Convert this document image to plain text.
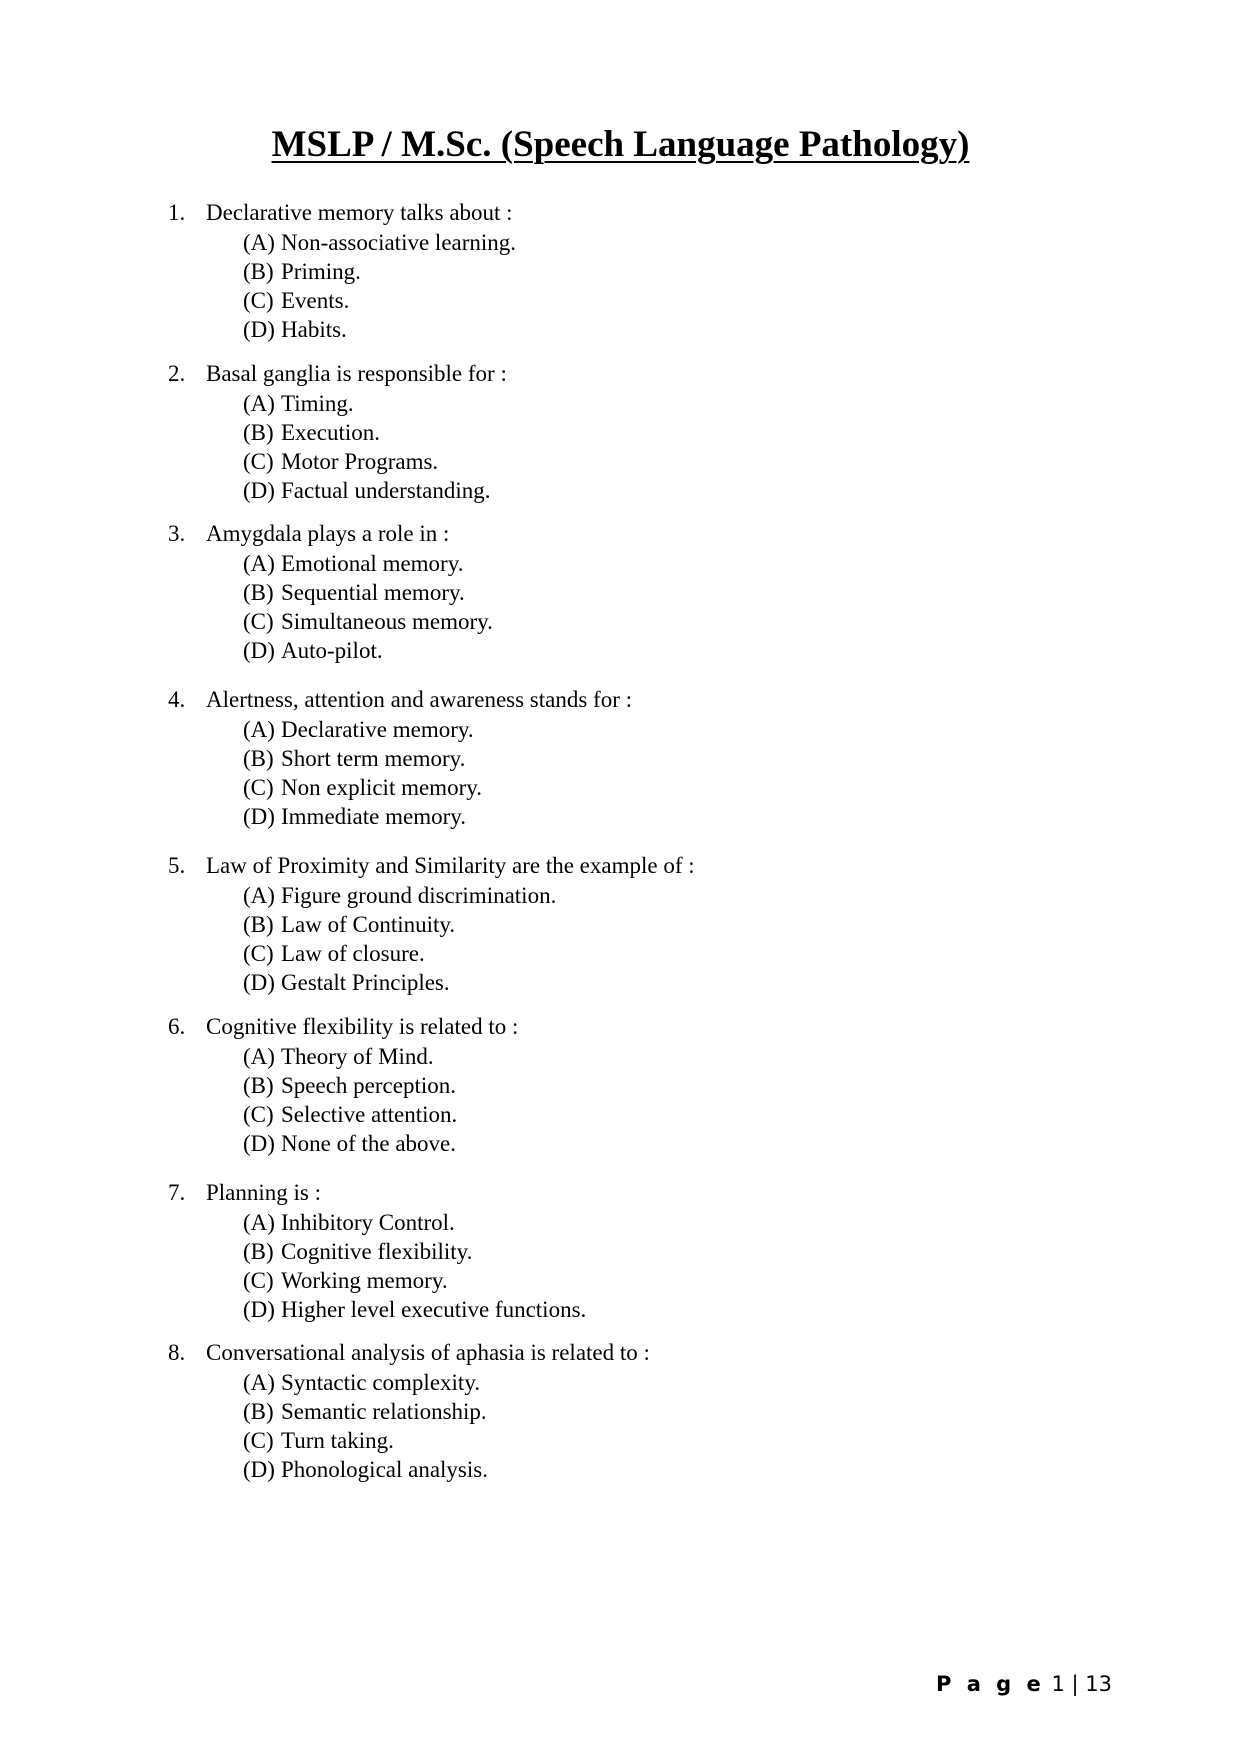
MSLP / M.Sc. (Speech Language Pathology)
1. Declarative memory talks about :
(A) Non-associative learning.
(B) Priming.
(C) Events.
(D) Habits.
2. Basal ganglia is responsible for :
(A) Timing.
(B) Execution.
(C) Motor Programs.
(D) Factual understanding.
3. Amygdala plays a role in :
(A) Emotional memory.
(B) Sequential memory.
(C) Simultaneous memory.
(D) Auto-pilot.
4. Alertness, attention and awareness stands for :
(A) Declarative memory.
(B) Short term memory.
(C) Non explicit memory.
(D) Immediate memory.
5. Law of Proximity and Similarity are the example of :
(A) Figure ground discrimination.
(B) Law of Continuity.
(C) Law of closure.
(D) Gestalt Principles.
6. Cognitive flexibility is related to :
(A) Theory of Mind.
(B) Speech perception.
(C) Selective attention.
(D) None of the above.
7. Planning is :
(A) Inhibitory Control.
(B) Cognitive flexibility.
(C) Working memory.
(D) Higher level executive functions.
8. Conversational analysis of aphasia is related to :
(A) Syntactic complexity.
(B) Semantic relationship.
(C) Turn taking.
(D) Phonological analysis.
P a g e 1 | 13
